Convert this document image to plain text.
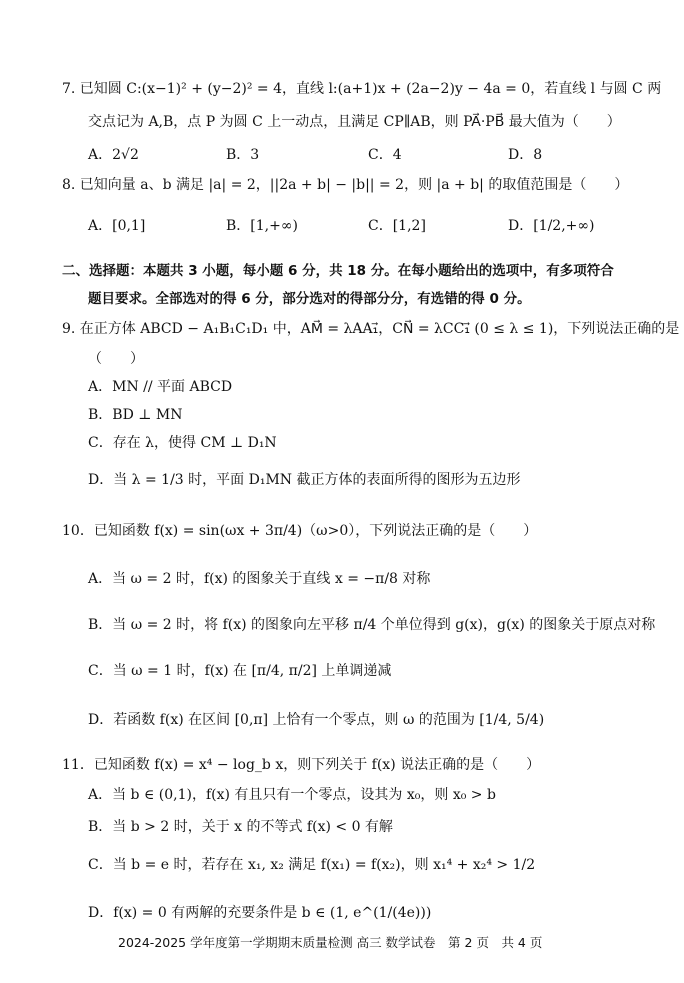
7. 已知圆 C:(x−1)² + (y−2)² = 4，直线 l:(a+1)x + (2a−2)y − 4a = 0，若直线 l 与圆 C 两
交点记为 A,B，点 P 为圆 C 上一动点，且满足 CP∥AB，则 PA⃗·PB⃗ 最大值为（　　）
A．2√2	B．3	C．4	D．8
8. 已知向量 a、b 满足 |a| = 2，||2a + b| − |b|| = 2，则 |a + b| 的取值范围是（　　）
A．[0,1]	B．[1,+∞)	C．[1,2]	D．[1/2,+∞)
二、选择题：本题共 3 小题，每小题 6 分，共 18 分。在每小题给出的选项中，有多项符合
题目要求。全部选对的得 6 分，部分选对的得部分分，有选错的得 0 分。
9. 在正方体 ABCD − A₁B₁C₁D₁ 中，AM⃗ = λAA₁⃗，CN⃗ = λCC₁⃗ (0 ≤ λ ≤ 1)，下列说法正确的是
（　　）
A．MN // 平面 ABCD
B．BD ⊥ MN
C．存在 λ，使得 CM ⊥ D₁N
D．当 λ = 1/3 时，平面 D₁MN 截正方体的表面所得的图形为五边形
10．已知函数 f(x) = sin(ωx + 3π/4)（ω>0），下列说法正确的是（　　）
A．当 ω = 2 时，f(x) 的图象关于直线 x = −π/8 对称
B．当 ω = 2 时，将 f(x) 的图象向左平移 π/4 个单位得到 g(x)，g(x) 的图象关于原点对称
C．当 ω = 1 时，f(x) 在 [π/4, π/2] 上单调递减
D．若函数 f(x) 在区间 [0,π] 上恰有一个零点，则 ω 的范围为 [1/4, 5/4)
11．已知函数 f(x) = x⁴ − log_b x，则下列关于 f(x) 说法正确的是（　　）
A．当 b ∈ (0,1)，f(x) 有且只有一个零点，设其为 x₀，则 x₀ > b
B．当 b > 2 时，关于 x 的不等式 f(x) < 0 有解
C．当 b = e 时，若存在 x₁, x₂ 满足 f(x₁) = f(x₂)，则 x₁⁴ + x₂⁴ > 1/2
D．f(x) = 0 有两解的充要条件是 b ∈ (1, e^(1/(4e)))
2024-2025 学年度第一学期期末质量检测 高三 数学试卷　第 2 页　共 4 页
